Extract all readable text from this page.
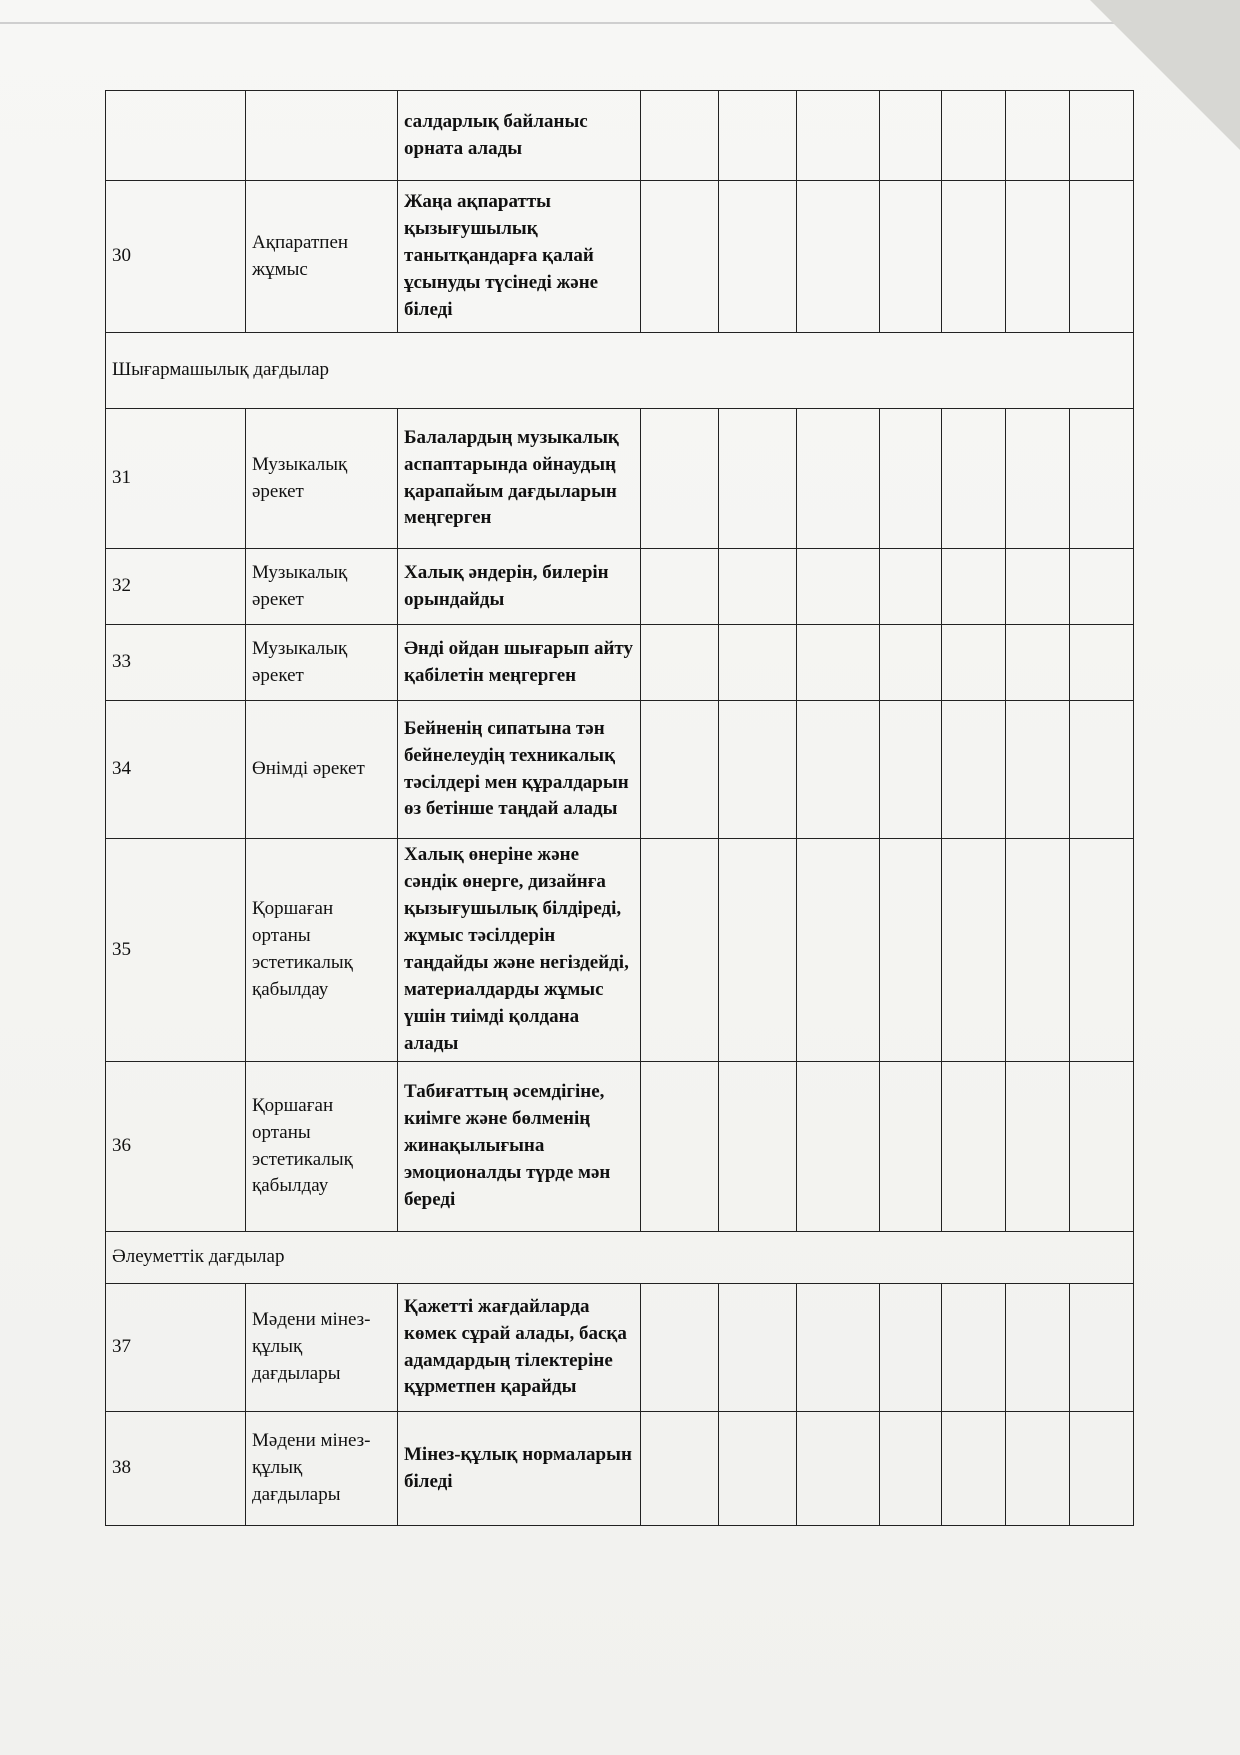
		салдарлық байланыс орната алады							
30	Ақпаратпен жұмыс	Жаңа ақпаратты қызығушылық танытқандарға қалай ұсынуды түсінеді және біледі							
Шығармашылық дағдылар									
31	Музыкалық әрекет	Балалардың музыкалық аспаптарында ойнаудың қарапайым дағдыларын меңгерген							
32	Музыкалық әрекет	Халық әндерін, билерін орындайды							
33	Музыкалық әрекет	Әнді ойдан шығарып айту қабілетін меңгерген							
34	Өнімді әрекет	Бейненің сипатына тән бейнелеудің техникалық тәсілдері мен құралдарын өз бетінше таңдай алады							
35	Қоршаған ортаны эстетикалық қабылдау	Халық өнеріне және сәндік өнерге, дизайнға қызығушылық білдіреді, жұмыс тәсілдерін таңдайды және негіздейді, материалдарды жұмыс үшін тиімді қолдана алады							
36	Қоршаған ортаны эстетикалық қабылдау	Табиғаттың әсемдігіне, киімге және бөлменің жинақылығына эмоционалды түрде мән береді							
Әлеуметтік дағдылар									
37	Мәдени мінез-құлық дағдылары	Қажетті жағдайларда көмек сұрай алады, басқа адамдардың тілектеріне құрметпен қарайды							
38	Мәдени мінез-құлық дағдылары	Мінез-құлық нормаларын біледі							
